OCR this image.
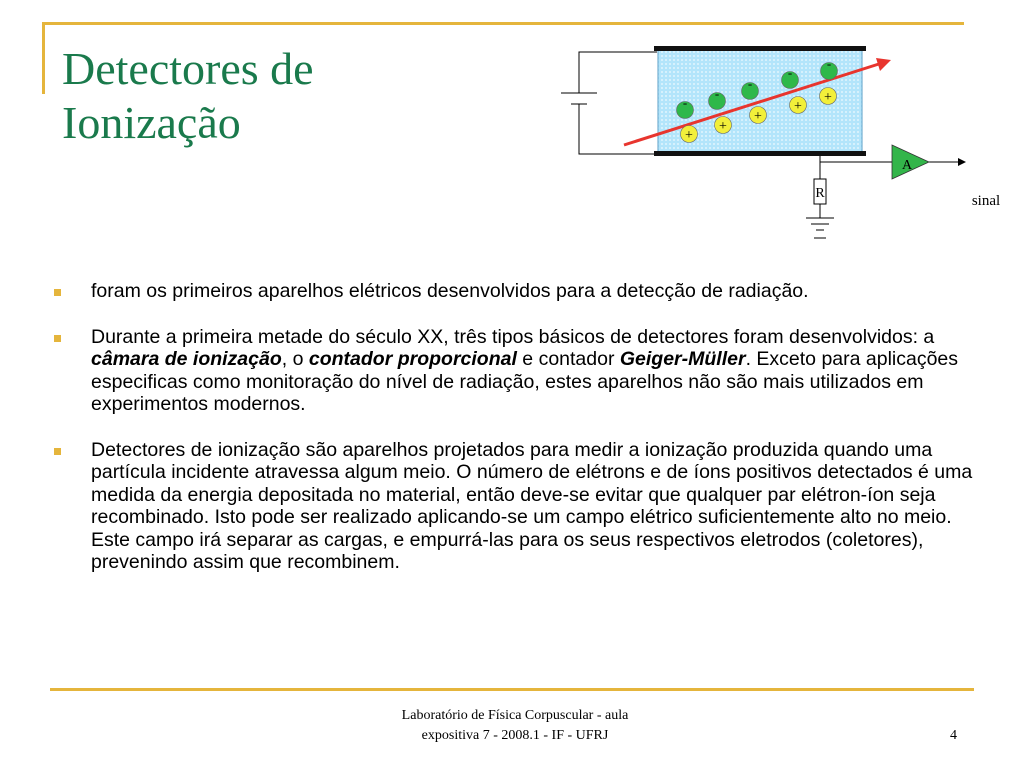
Detectores de
Ionização	-
-
-
-
-
+
+
+
+
+
A
R	sinal
foram os primeiros aparelhos elétricos desenvolvidos para a detecção de radiação.
Durante a primeira metade do século XX, três tipos básicos de detectores foram desenvolvidos: a câmara de ionização, o contador proporcional e contador Geiger-Müller. Exceto para aplicações especificas como monitoração do nível de radiação, estes aparelhos não são mais utilizados em experimentos modernos.
Detectores de ionização são aparelhos projetados para medir a ionização produzida quando uma partícula incidente atravessa algum meio. O número de elétrons e de íons positivos detectados é uma medida da energia depositada no material, então deve-se evitar que qualquer par elétron-íon seja recombinado. Isto pode ser realizado aplicando-se um campo elétrico suficientemente alto no meio. Este campo irá separar as cargas, e empurrá-las para os seus respectivos eletrodos (coletores), prevenindo assim que recombinem.
Laboratório de Física Corpuscular - aula
expositiva 7 - 2008.1 - IF - UFRJ	4
